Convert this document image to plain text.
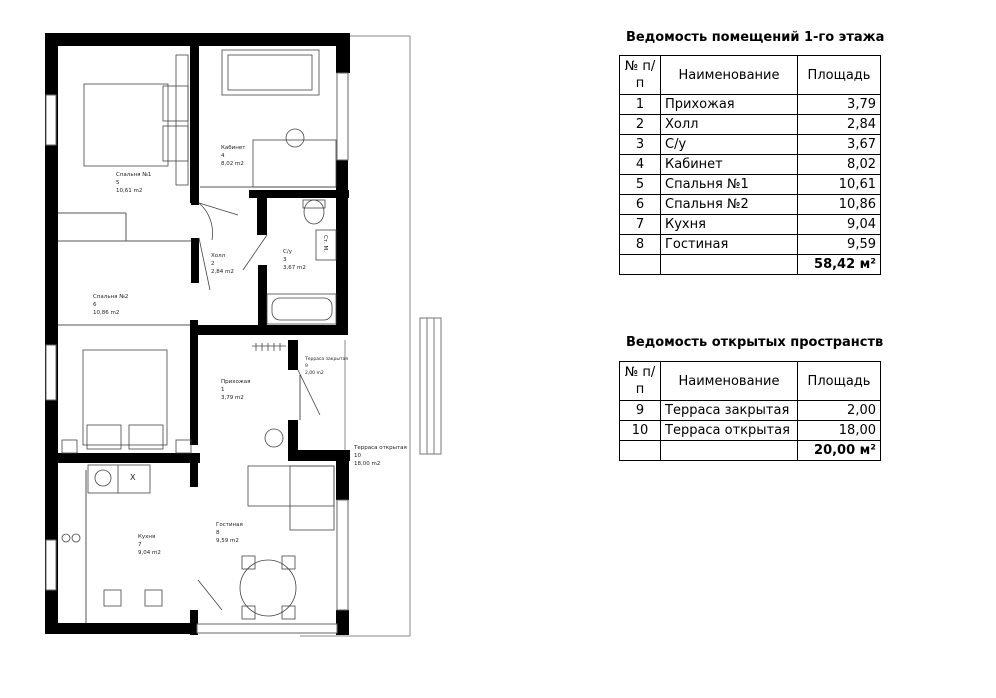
Ст. М.
X
Спальня №1
5
10,61 m2
Кабинет
4
8,02 m2
Холл
2
2,84 m2
С/у
3
3,67 m2
Спальня №2
6
10,86 m2
Терраса закрытая
9
2,00 m2
Прихожая
1
3,79 m2
Терраса открытая
10
18,00 m2
Гостиная
8
9,59 m2
Кухня
7
9,04 m2
Ведомость помещений 1-го этажа
№ п/п	Наименование	Площадь
1	Прихожая	3,79
2	Холл	2,84
3	С/у	3,67
4	Кабинет	8,02
5	Спальня №1	10,61
6	Спальня №2	10,86
7	Кухня	9,04
8	Гостиная	9,59
		58,42 м²
Ведомость открытых пространств
№ п/п	Наименование	Площадь
9	Терраса закрытая	2,00
10	Терраса открытая	18,00
		20,00 м²
